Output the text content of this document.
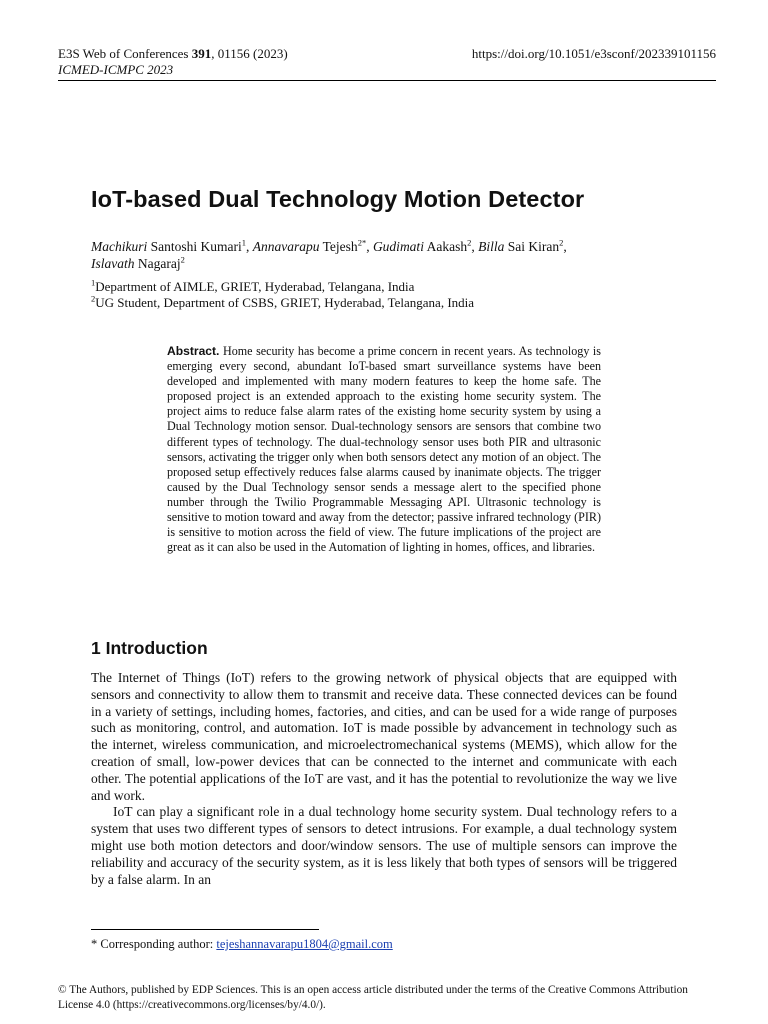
E3S Web of Conferences 391, 01156 (2023)
ICMED-ICMPC 2023
https://doi.org/10.1051/e3sconf/202339101156
IoT-based Dual Technology Motion Detector
Machikuri Santoshi Kumari$^1$, Annavarapu Tejesh$^{2*}$, Gudimati Aakash$^2$, Billa Sai Kiran$^2$,
Islavath Nagaraj$^2$
$^1$Department of AIMLE, GRIET, Hyderabad, Telangana, India
$^2$UG Student, Department of CSBS, GRIET, Hyderabad, Telangana, India
Abstract. Home security has become a prime concern in recent years. As technology is emerging every second, abundant IoT-based smart surveillance systems have been developed and implemented with many modern features to keep the home safe. The proposed project is an extended approach to the existing home security system. The project aims to reduce false alarm rates of the existing home security system by using a Dual Technology motion sensor. Dual-technology sensors are sensors that combine two different types of technology. The dual-technology sensor uses both PIR and ultrasonic sensors, activating the trigger only when both sensors detect any motion of an object. The proposed setup effectively reduces false alarms caused by inanimate objects. The trigger caused by the Dual Technology sensor sends a message alert to the specified phone number through the Twilio Programmable Messaging API. Ultrasonic technology is sensitive to motion toward and away from the detector; passive infrared technology (PIR) is sensitive to motion across the field of view. The future implications of the project are great as it can also be used in the Automation of lighting in homes, offices, and libraries.
1 Introduction

The Internet of Things (IoT) refers to the growing network of physical objects that are equipped with sensors and connectivity to allow them to transmit and receive data. These connected devices can be found in a variety of settings, including homes, factories, and cities, and can be used for a wide range of purposes such as monitoring, control, and automation. IoT is made possible by advancement in technology such as the internet, wireless communication, and microelectromechanical systems (MEMS), which allow for the creation of small, low-power devices that can be connected to the internet and communicate with each other. The potential applications of the IoT are vast, and it has the potential to revolutionize the way we live and work.

IoT can play a significant role in a dual technology home security system. Dual technology refers to a system that uses two different types of sensors to detect intrusions. For example, a dual technology system might use both motion detectors and door/window sensors. The use of multiple sensors can improve the reliability and accuracy of the security system, as it is less likely that both types of sensors will be triggered by a false alarm. In an

* Corresponding author: tejeshannavarapu1804@gmail.com
© The Authors, published by EDP Sciences. This is an open access article distributed under the terms of the Creative Commons Attribution License 4.0 (https://creativecommons.org/licenses/by/4.0/).
